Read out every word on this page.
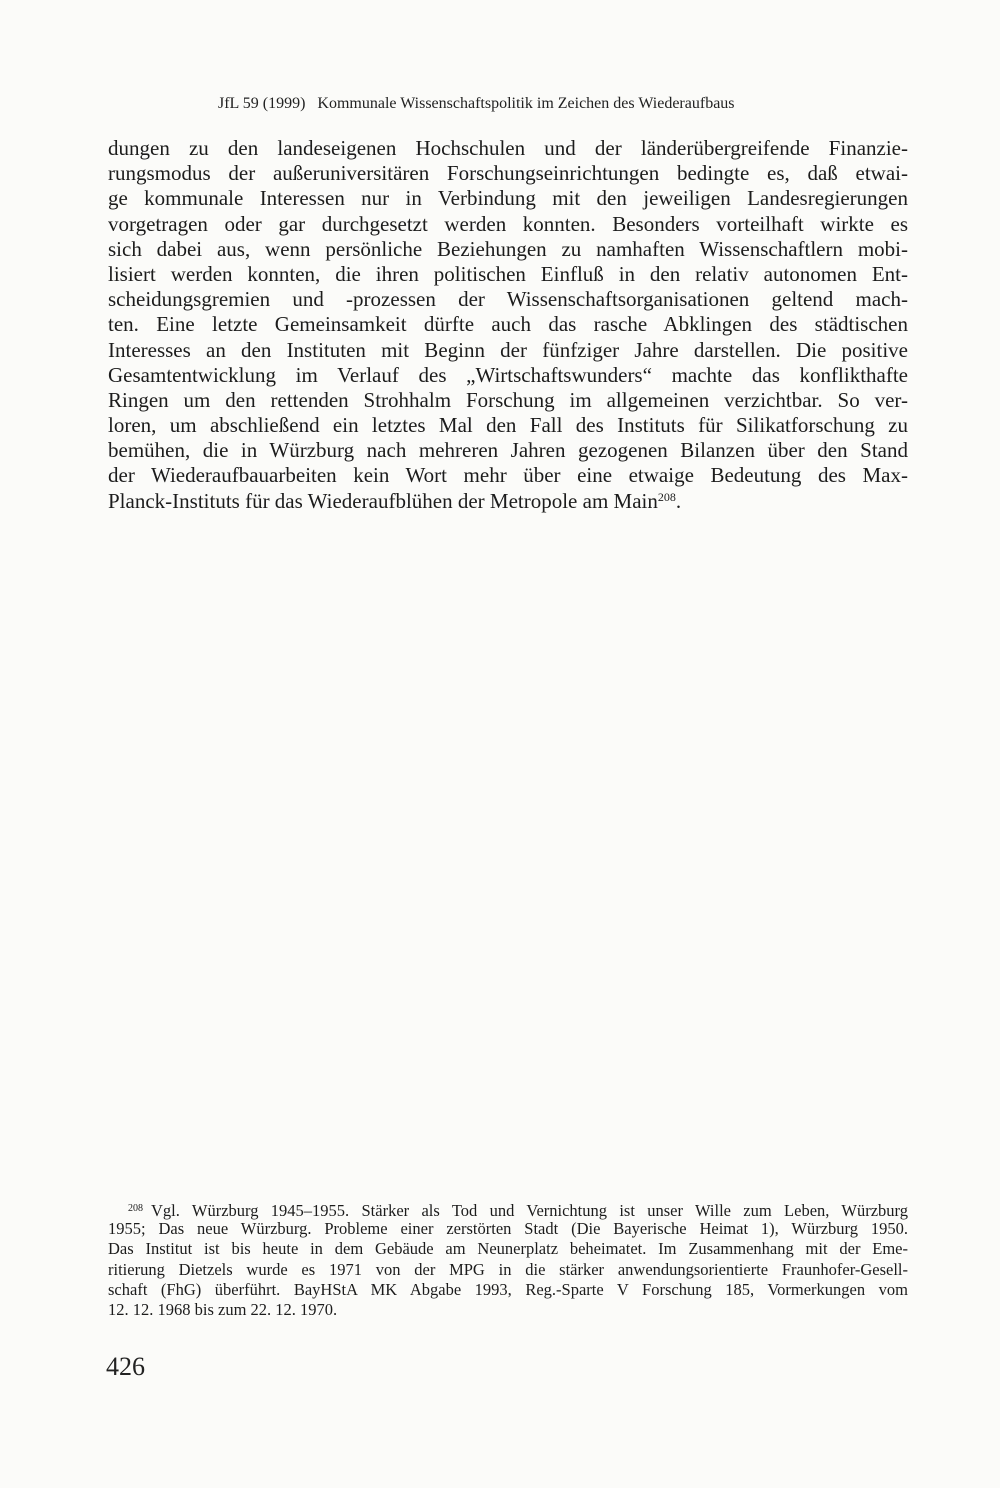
JfL 59 (1999) Kommunale Wissenschaftspolitik im Zeichen des Wiederaufbaus
dungen zu den landeseigenen Hochschulen und der länderübergreifende Finanzie-
rungsmodus der außeruniversitären Forschungseinrichtungen bedingte es, daß etwai-
ge kommunale Interessen nur in Verbindung mit den jeweiligen Landesregierungen
vorgetragen oder gar durchgesetzt werden konnten. Besonders vorteilhaft wirkte es
sich dabei aus, wenn persönliche Beziehungen zu namhaften Wissenschaftlern mobi-
lisiert werden konnten, die ihren politischen Einfluß in den relativ autonomen Ent-
scheidungsgremien und -prozessen der Wissenschaftsorganisationen geltend mach-
ten. Eine letzte Gemeinsamkeit dürfte auch das rasche Abklingen des städtischen
Interesses an den Instituten mit Beginn der fünfziger Jahre darstellen. Die positive
Gesamtentwicklung im Verlauf des „Wirtschaftswunders“ machte das konflikthafte
Ringen um den rettenden Strohhalm Forschung im allgemeinen verzichtbar. So ver-
loren, um abschließend ein letztes Mal den Fall des Instituts für Silikatforschung zu
bemühen, die in Würzburg nach mehreren Jahren gezogenen Bilanzen über den Stand
der Wiederaufbauarbeiten kein Wort mehr über eine etwaige Bedeutung des Max-
Planck-Instituts für das Wiederaufblühen der Metropole am Main$^{208}$.
$^{208}$ Vgl. Würzburg 1945–1955. Stärker als Tod und Vernichtung ist unser Wille zum Leben, Würzburg
1955; Das neue Würzburg. Probleme einer zerstörten Stadt (Die Bayerische Heimat 1), Würzburg 1950.
Das Institut ist bis heute in dem Gebäude am Neunerplatz beheimatet. Im Zusammenhang mit der Eme-
ritierung Dietzels wurde es 1971 von der MPG in die stärker anwendungsorientierte Fraunhofer-Gesell-
schaft (FhG) überführt. BayHStA MK Abgabe 1993, Reg.-Sparte V Forschung 185, Vormerkungen vom
12. 12. 1968 bis zum 22. 12. 1970.
426
